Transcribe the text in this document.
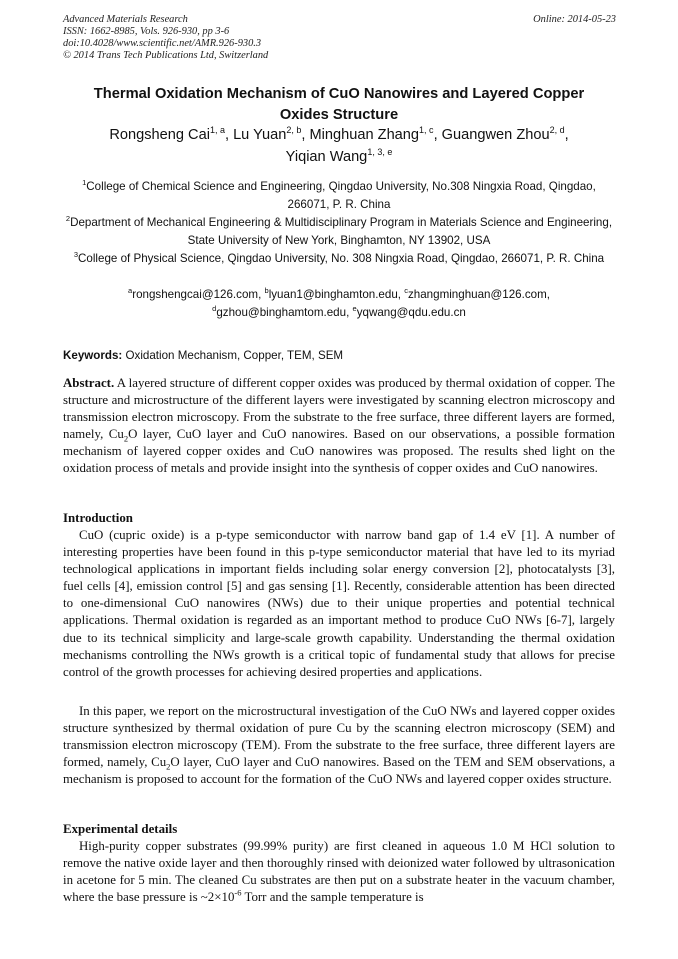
Advanced Materials Research
ISSN: 1662-8985, Vols. 926-930, pp 3-6
doi:10.4028/www.scientific.net/AMR.926-930.3
© 2014 Trans Tech Publications Ltd, Switzerland
Online: 2014-05-23
Thermal Oxidation Mechanism of CuO Nanowires and Layered Copper
Oxides Structure
Rongsheng Cai$^{1, a}$, Lu Yuan$^{2, b}$, Minghuan Zhang$^{1, c}$, Guangwen Zhou$^{2, d}$,
Yiqian Wang$^{1, 3, e}$
$^1$College of Chemical Science and Engineering, Qingdao University, No.308 Ningxia Road, Qingdao, 266071, P. R. China
$^2$Department of Mechanical Engineering & Multidisciplinary Program in Materials Science and Engineering, State University of New York, Binghamton, NY 13902, USA
$^3$College of Physical Science, Qingdao University, No. 308 Ningxia Road, Qingdao, 266071, P. R. China
$^a$rongshengcai@126.com, $^b$lyuan1@binghamton.edu, $^c$zhangminghuan@126.com,
$^d$gzhou@binghamtom.edu, $^e$yqwang@qdu.edu.cn
Keywords: Oxidation Mechanism, Copper, TEM, SEM
Abstract. A layered structure of different copper oxides was produced by thermal oxidation of copper. The structure and microstructure of the different layers were investigated by scanning electron microscopy and transmission electron microscopy. From the substrate to the free surface, three different layers are formed, namely, $Cu_2O$ layer, CuO layer and CuO nanowires. Based on our observations, a possible formation mechanism of layered copper oxides and CuO nanowires was proposed. The results shed light on the oxidation process of metals and provide insight into the synthesis of copper oxides and CuO nanowires.
Introduction
CuO (cupric oxide) is a p-type semiconductor with narrow band gap of 1.4 eV [1]. A number of interesting properties have been found in this p-type semiconductor material that have led to its myriad technological applications in important fields including solar energy conversion [2], photocatalysts [3], fuel cells [4], emission control [5] and gas sensing [1]. Recently, considerable attention has been directed to one-dimensional CuO nanowires (NWs) due to their unique properties and potential technical applications. Thermal oxidation is regarded as an important method to produce CuO NWs [6-7], largely due to its technical simplicity and large-scale growth capability. Understanding the thermal oxidation mechanisms controlling the NWs growth is a critical topic of fundamental study that allows for precise control of the growth processes for achieving desired properties and applications.
In this paper, we report on the microstructural investigation of the CuO NWs and layered copper oxides structure synthesized by thermal oxidation of pure Cu by the scanning electron microscopy (SEM) and transmission electron microscopy (TEM). From the substrate to the free surface, three different layers are formed, namely, $Cu_2O$ layer, CuO layer and CuO nanowires. Based on the TEM and SEM observations, a mechanism is proposed to account for the formation of the CuO NWs and layered copper oxides structure.
Experimental details
High-purity copper substrates (99.99% purity) are first cleaned in aqueous 1.0 M HCl solution to remove the native oxide layer and then thoroughly rinsed with deionized water followed by ultrasonication in acetone for 5 min. The cleaned Cu substrates are then put on a substrate heater in the vacuum chamber, where the base pressure is $\sim 2\times 10^{-6}$ Torr and the sample temperature is
